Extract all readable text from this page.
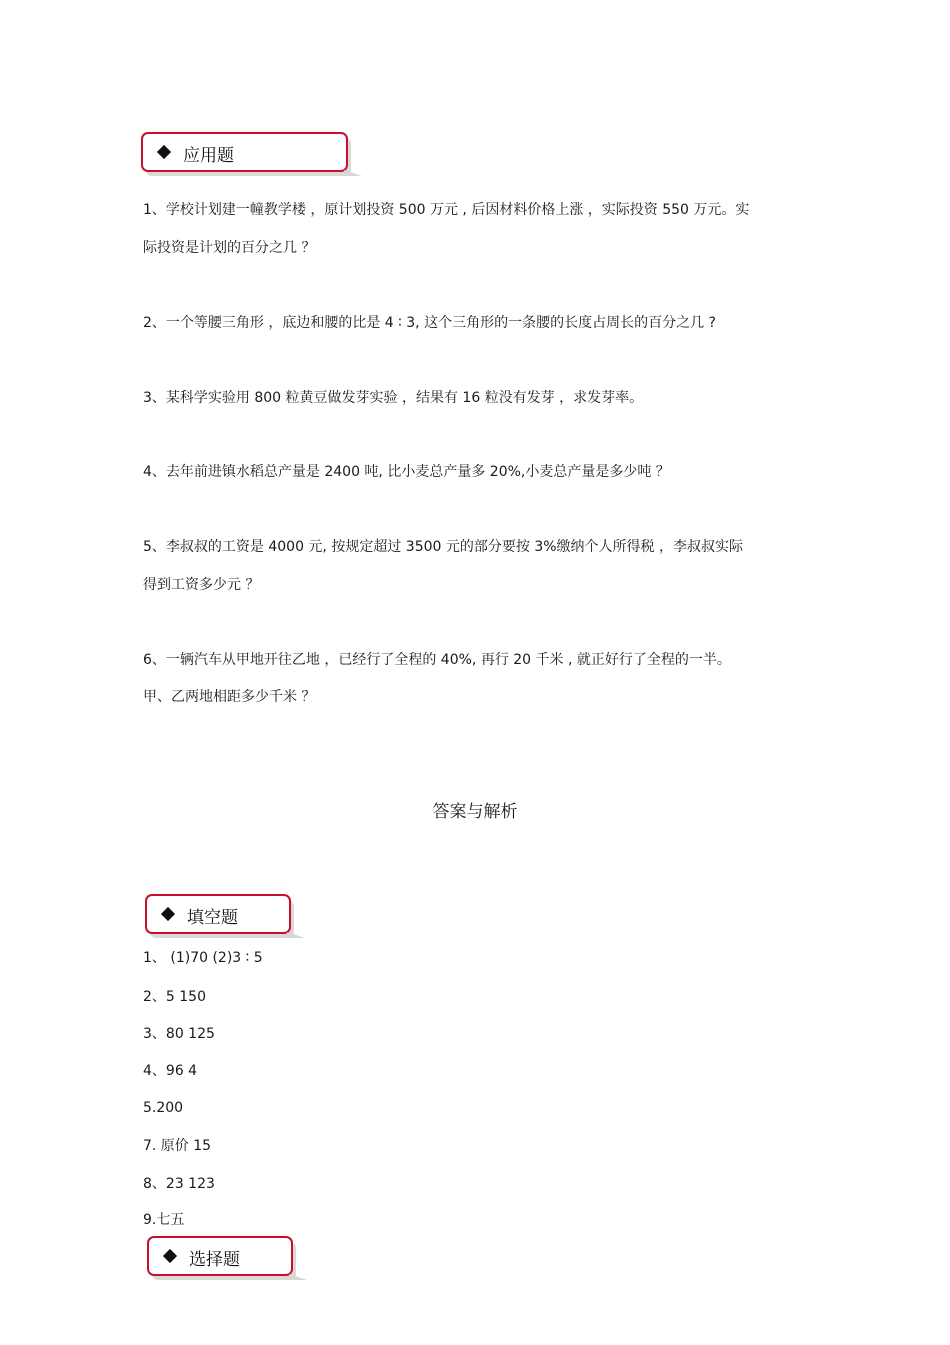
应用题
1、学校计划建一幢教学楼 ，原计划投资 500 万元 , 后因材料价格上涨 ，实际投资 550 万元。实
际投资是计划的百分之几 ？
2、一个等腰三角形 ，底边和腰的比是 4 ∶ 3, 这个三角形的一条腰的长度占周长的百分之几 ?
3、某科学实验用 800 粒黄豆做发芽实验 ，结果有 16 粒没有发芽 ，求发芽率。
4、去年前进镇水稻总产量是 2400 吨, 比小麦总产量多 20%,小麦总产量是多少吨 ？
5、李叔叔的工资是 4000 元, 按规定超过 3500 元的部分要按 3%缴纳个人所得税 ，李叔叔实际
得到工资多少元 ？
6、一辆汽车从甲地开往乙地 ，已经行了全程的 40%, 再行 20 千米 , 就正好行了全程的一半。
甲、乙两地相距多少千米 ？
答案与解析
填空题
1、 (1)70 (2)3 ∶ 5
2、5 150
3、80 125
4、96 4
5.200
7. 原价 15
8、23 123
9.七五
选择题
